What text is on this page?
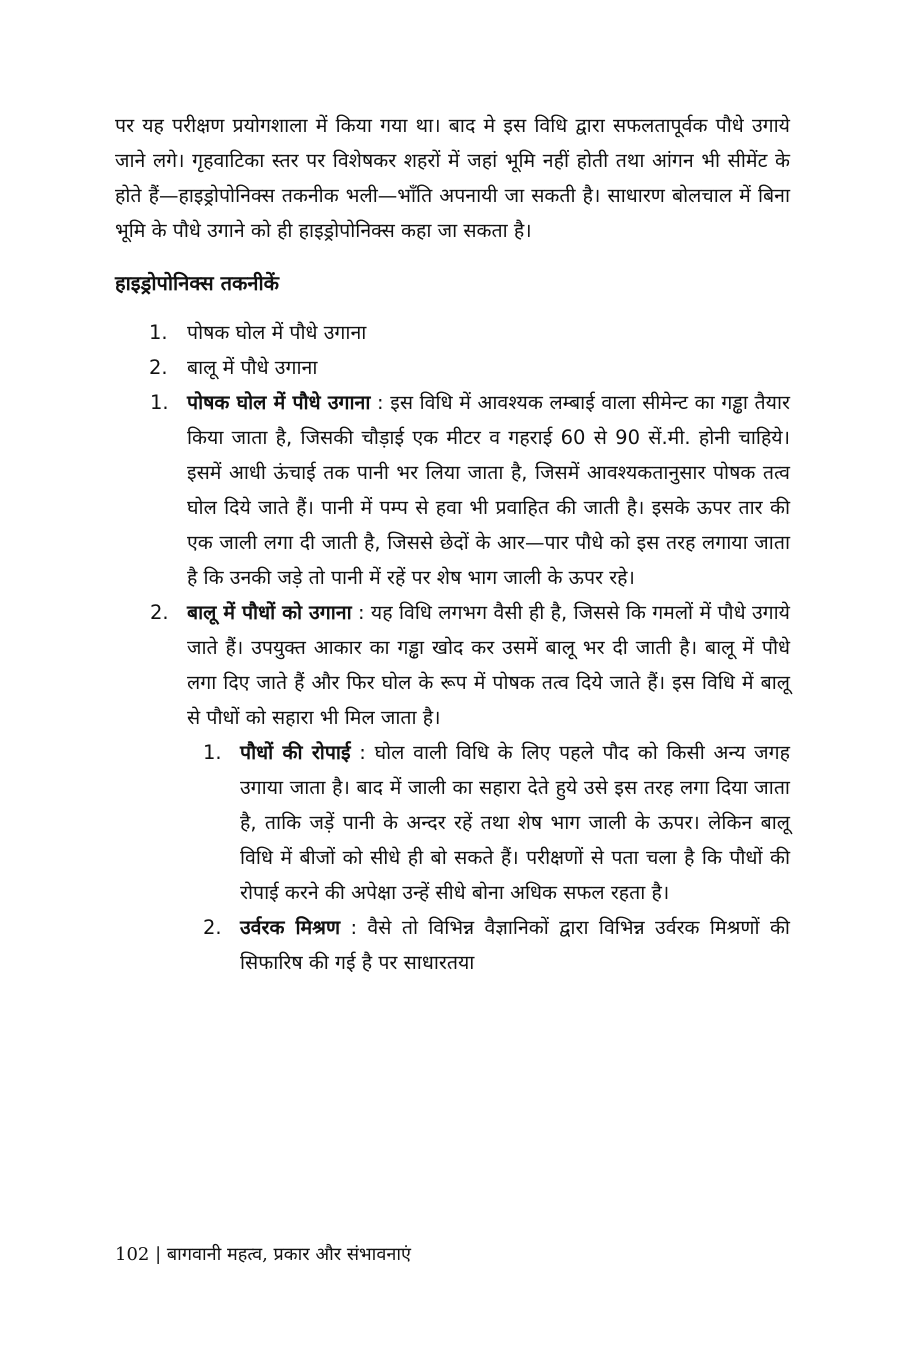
पर यह परीक्षण प्रयोगशाला में किया गया था। बाद मे इस विधि द्वारा सफलतापूर्वक पौधे उगाये जाने लगे। गृहवाटिका स्तर पर विशेषकर शहरों में जहां भूमि नहीं होती तथा आंगन भी सीमेंट के होते हैं—हाइड्रोपोनिक्स तकनीक भली—भाँति अपनायी जा सकती है। साधारण बोलचाल में बिना भूमि के पौधे उगाने को ही हाइड्रोपोनिक्स कहा जा सकता है।

हाइड्रोपोनिक्स तकनीकें
1. पोषक घोल में पौधे उगाना
2. बालू में पौधे उगाना
1. पोषक घोल में पौधे उगाना : इस विधि में आवश्यक लम्बाई वाला सीमेन्ट का गड्ढा तैयार किया जाता है, जिसकी चौड़ाई एक मीटर व गहराई 60 से 90 सें.मी. होनी चाहिये। इसमें आधी ऊंचाई तक पानी भर लिया जाता है, जिसमें आवश्यकतानुसार पोषक तत्व घोल दिये जाते हैं। पानी में पम्प से हवा भी प्रवाहित की जाती है। इसके ऊपर तार की एक जाली लगा दी जाती है, जिससे छेदों के आर—पार पौधे को इस तरह लगाया जाता है कि उनकी जड़े तो पानी में रहें पर शेष भाग जाली के ऊपर रहे।
2. बालू में पौधों को उगाना : यह विधि लगभग वैसी ही है, जिससे कि गमलों में पौधे उगाये जाते हैं। उपयुक्त आकार का गड्ढा खोद कर उसमें बालू भर दी जाती है। बालू में पौधे लगा दिए जाते हैं और फिर घोल के रूप में पोषक तत्व दिये जाते हैं। इस विधि में बालू से पौधों को सहारा भी मिल जाता है।
1. पौधों की रोपाई : घोल वाली विधि के लिए पहले पौद को किसी अन्य जगह उगाया जाता है। बाद में जाली का सहारा देते हुये उसे इस तरह लगा दिया जाता है, ताकि जड़ें पानी के अन्दर रहें तथा शेष भाग जाली के ऊपर। लेकिन बालू विधि में बीजों को सीधे ही बो सकते हैं। परीक्षणों से पता चला है कि पौधों की रोपाई करने की अपेक्षा उन्हें सीधे बोना अधिक सफल रहता है।
2. उर्वरक मिश्रण : वैसे तो विभिन्न वैज्ञानिकों द्वारा विभिन्न उर्वरक मिश्रणों की सिफारिष की गई है पर साधारतया
102 | बागवानी महत्व, प्रकार और संभावनाएं
